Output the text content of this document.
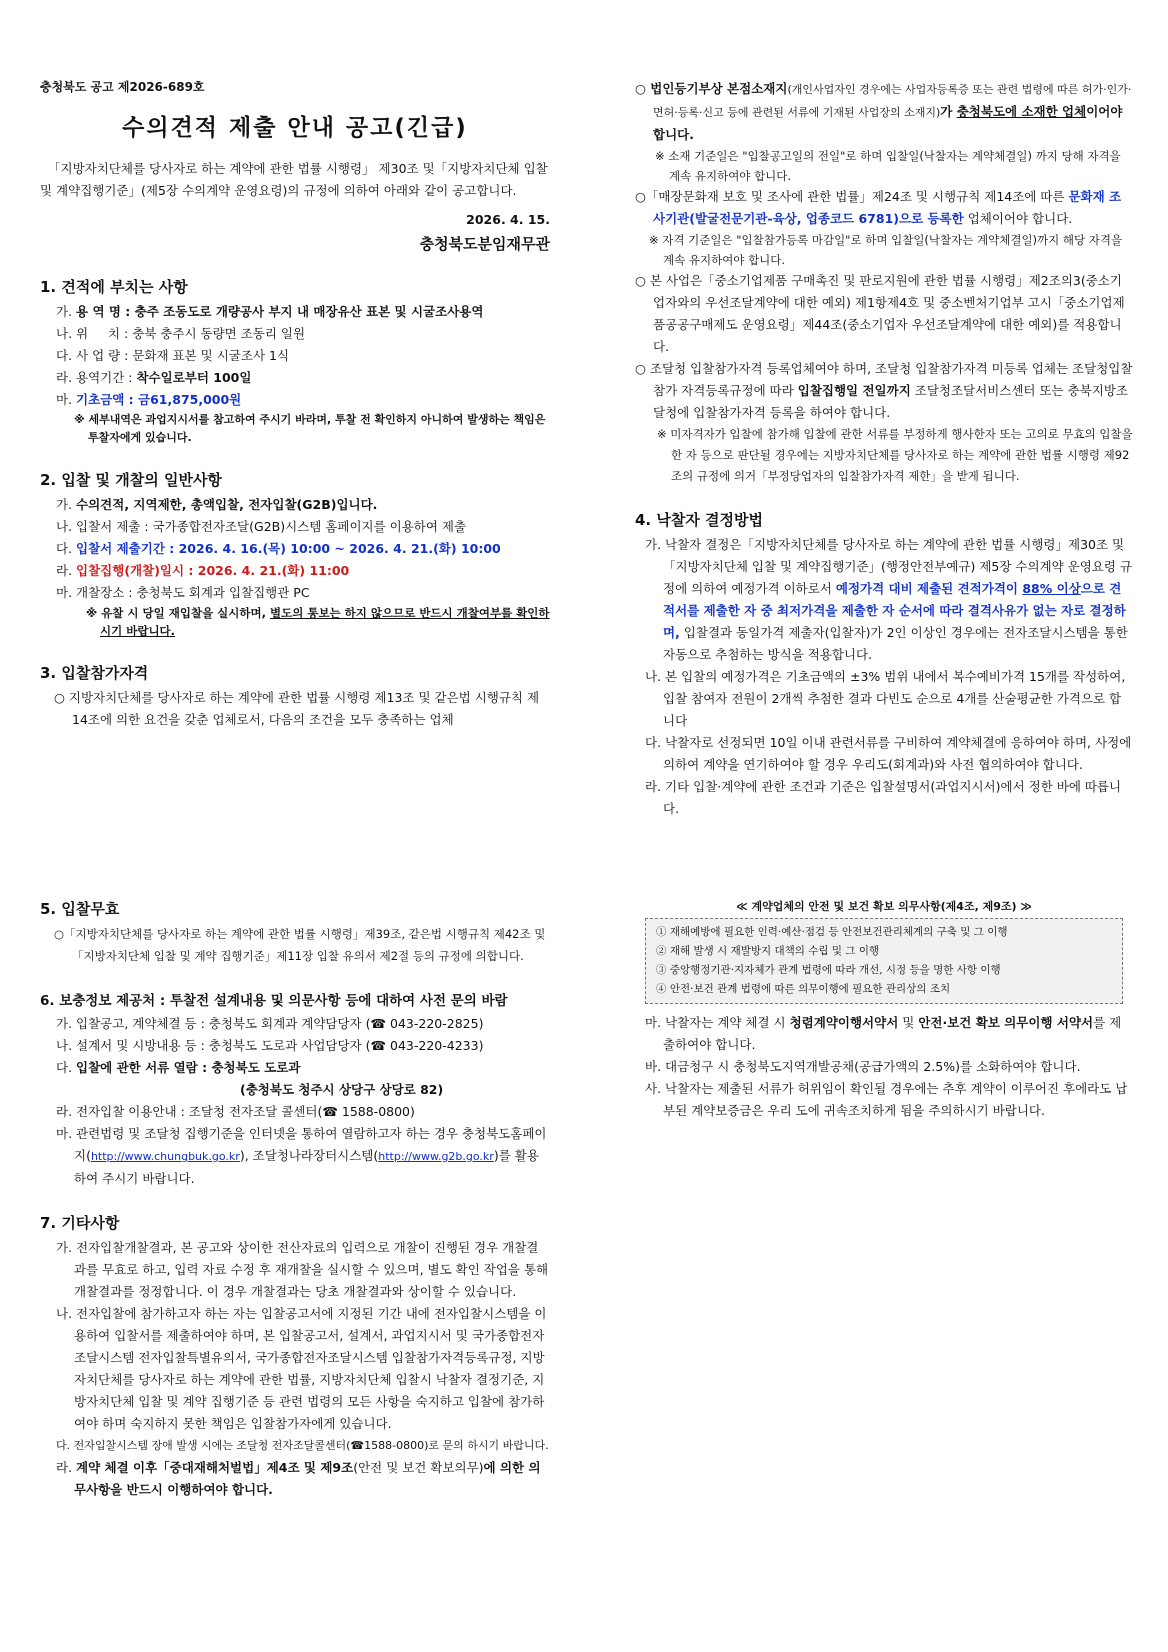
충청북도 공고 제2026-689호

수의견적 제출 안내 공고(긴급)

「지방자치단체를 당사자로 하는 계약에 관한 법률 시행령」 제30조 및「지방자치단체 입찰 및 계약집행기준」(제5장 수의계약 운영요령)의 규정에 의하여 아래와 같이 공고합니다.

2026. 4. 15.

충청북도분임재무관

1. 견적에 부치는 사항

가. 용 역 명 : 충주 조동도로 개량공사 부지 내 매장유산 표본 및 시굴조사용역

나. 위     치 : 충북 충주시 동량면 조동리 일원

다. 사 업 량 : 문화재 표본 및 시굴조사 1식

라. 용역기간 : 착수일로부터 100일

마. 기초금액 : 금61,875,000원

※ 세부내역은 과업지시서를 참고하여 주시기 바라며, 투찰 전 확인하지 아니하여 발생하는 책임은 투찰자에게 있습니다.

2. 입찰 및 개찰의 일반사항

가. 수의견적, 지역제한, 총액입찰, 전자입찰(G2B)입니다.

나. 입찰서 제출 : 국가종합전자조달(G2B)시스템 홈페이지를 이용하여 제출

다. 입찰서 제출기간 : 2026. 4. 16.(목) 10:00 ~ 2026. 4. 21.(화) 10:00

라. 입찰집행(개찰)일시 : 2026. 4. 21.(화) 11:00

마. 개찰장소 : 충청북도 회계과 입찰집행관 PC

※ 유찰 시 당일 재입찰을 실시하며, 별도의 통보는 하지 않으므로 반드시 개찰여부를 확인하시기 바랍니다.

3. 입찰참가자격

○ 지방자치단체를 당사자로 하는 계약에 관한 법률 시행령 제13조 및 같은법 시행규칙 제14조에 의한 요건을 갖춘 업체로서, 다음의 조건을 모두 충족하는 업체

○ 법인등기부상 본점소재지(개인사업자인 경우에는 사업자등록증 또는 관련 법령에 따른 허가·인가·면허·등록·신고 등에 관련된 서류에 기재된 사업장의 소재지)가 충청북도에 소재한 업체이어야 합니다.

※ 소재 기준일은 "입찰공고일의 전일"로 하며 입찰일(낙찰자는 계약체결일) 까지 당해 자격을 계속 유지하여야 합니다.

○「매장문화재 보호 및 조사에 관한 법률」제24조 및 시행규칙 제14조에 따른 문화재 조사기관(발굴전문기관-육상, 업종코드 6781)으로 등록한 업체이어야 합니다.

※ 자격 기준일은 "입찰참가등록 마감일"로 하며 입찰일(낙찰자는 계약체결일)까지 해당 자격을 계속 유지하여야 합니다.

○ 본 사업은「중소기업제품 구매촉진 및 판로지원에 관한 법률 시행령」제2조의3(중소기업자와의 우선조달계약에 대한 예외) 제1항제4호 및 중소벤처기업부 고시「중소기업제품공공구매제도 운영요령」제44조(중소기업자 우선조달계약에 대한 예외)를 적용합니다.

○ 조달청 입찰참가자격 등록업체여야 하며, 조달청 입찰참가자격 미등록 업체는 조달청입찰참가 자격등록규정에 따라 입찰집행일 전일까지 조달청조달서비스센터 또는 충북지방조달청에 입찰참가자격 등록을 하여야 합니다.

※ 미자격자가 입찰에 참가해 입찰에 관한 서류를 부정하게 행사한자 또는 고의로 무효의 입찰을 한 자 등으로 판단될 경우에는 지방자치단체를 당사자로 하는 계약에 관한 법률 시행령 제92조의 규정에 의거「부정당업자의 입찰참가자격 제한」을 받게 됩니다.

4. 낙찰자 결정방법

가. 낙찰자 결정은「지방자치단체를 당사자로 하는 계약에 관한 법률 시행령」제30조 및「지방자치단체 입찰 및 계약집행기준」(행정안전부예규) 제5장 수의계약 운영요령 규정에 의하여 예정가격 이하로서 예정가격 대비 제출된 견적가격이 88% 이상으로 견적서를 제출한 자 중 최저가격을 제출한 자 순서에 따라 결격사유가 없는 자로 결정하며, 입찰결과 동일가격 제출자(입찰자)가 2인 이상인 경우에는 전자조달시스템을 통한 자동으로 추첨하는 방식을 적용합니다.

나. 본 입찰의 예정가격은 기초금액의 ±3% 범위 내에서 복수예비가격 15개를 작성하여, 입찰 참여자 전원이 2개씩 추첨한 결과 다빈도 순으로 4개를 산술평균한 가격으로 합니다

다. 낙찰자로 선정되면 10일 이내 관련서류를 구비하여 계약체결에 응하여야 하며, 사정에 의하여 계약을 연기하여야 할 경우 우리도(회계과)와 사전 협의하여야 합니다.

라. 기타 입찰·계약에 관한 조건과 기준은 입찰설명서(과업지시서)에서 정한 바에 따릅니다.

5. 입찰무효

○「지방자치단체를 당사자로 하는 계약에 관한 법률 시행령」제39조, 같은법 시행규칙 제42조 및「지방자치단체 입찰 및 계약 집행기준」제11장 입찰 유의서 제2절 등의 규정에 의합니다.

6. 보충정보 제공처 : 투찰전 설계내용 및 의문사항 등에 대하여 사전 문의 바람

가. 입찰공고, 계약체결 등 : 충청북도 회계과 계약담당자 (☎ 043-220-2825)

나. 설계서 및 시방내용 등 : 충청북도 도로과 사업담당자 (☎ 043-220-4233)

다. 입찰에 관한 서류 열람 : 충청북도 도로과

(충청북도 청주시 상당구 상당로 82)

라. 전자입찰 이용안내 : 조달청 전자조달 콜센터(☎ 1588-0800)

마. 관련법령 및 조달청 집행기준을 인터넷을 통하여 열람하고자 하는 경우 충청북도홈페이지(http://www.chungbuk.go.kr), 조달청나라장터시스템(http://www.g2b.go.kr)를 활용하여 주시기 바랍니다.

7. 기타사항

가. 전자입찰개찰결과, 본 공고와 상이한 전산자료의 입력으로 개찰이 진행된 경우 개찰결과를 무효로 하고, 입력 자료 수정 후 재개찰을 실시할 수 있으며, 별도 확인 작업을 통해 개찰결과를 정정합니다. 이 경우 개찰결과는 당초 개찰결과와 상이할 수 있습니다.

나. 전자입찰에 참가하고자 하는 자는 입찰공고서에 지정된 기간 내에 전자입찰시스템을 이용하여 입찰서를 제출하여야 하며, 본 입찰공고서, 설계서, 과업지시서 및 국가종합전자조달시스템 전자입찰특별유의서, 국가종합전자조달시스템 입찰참가자격등록규정, 지방자치단체를 당사자로 하는 계약에 관한 법률, 지방자치단체 입찰시 낙찰자 결정기준, 지방자치단체 입찰 및 계약 집행기준 등 관련 법령의 모든 사항을 숙지하고 입찰에 참가하여야 하며 숙지하지 못한 책임은 입찰참가자에게 있습니다.

다. 전자입찰시스템 장애 발생 시에는 조달청 전자조달콜센터(☎1588-0800)로 문의 하시기 바랍니다.

라. 계약 체결 이후「중대재해처벌법」제4조 및 제9조(안전 및 보건 확보의무)에 의한 의무사항을 반드시 이행하여야 합니다.

≪ 계약업체의 안전 및 보건 확보 의무사항(제4조, 제9조) ≫

① 재해예방에 필요한 인력·예산·점검 등 안전보건관리체계의 구축 및 그 이행

② 재해 발생 시 재발방지 대책의 수립 및 그 이행

③ 중앙행정기관·지자체가 관계 법령에 따라 개선, 시정 등을 명한 사항 이행

④ 안전·보건 관계 법령에 따른 의무이행에 필요한 관리상의 조치

마. 낙찰자는 계약 체결 시 청렴계약이행서약서 및 안전·보건 확보 의무이행 서약서를 제출하여야 합니다.

바. 대금청구 시 충청북도지역개발공채(공급가액의 2.5%)를 소화하여야 합니다.

사. 낙찰자는 제출된 서류가 허위임이 확인될 경우에는 추후 계약이 이루어진 후에라도 납부된 계약보증금은 우리 도에 귀속조치하게 됨을 주의하시기 바랍니다.
